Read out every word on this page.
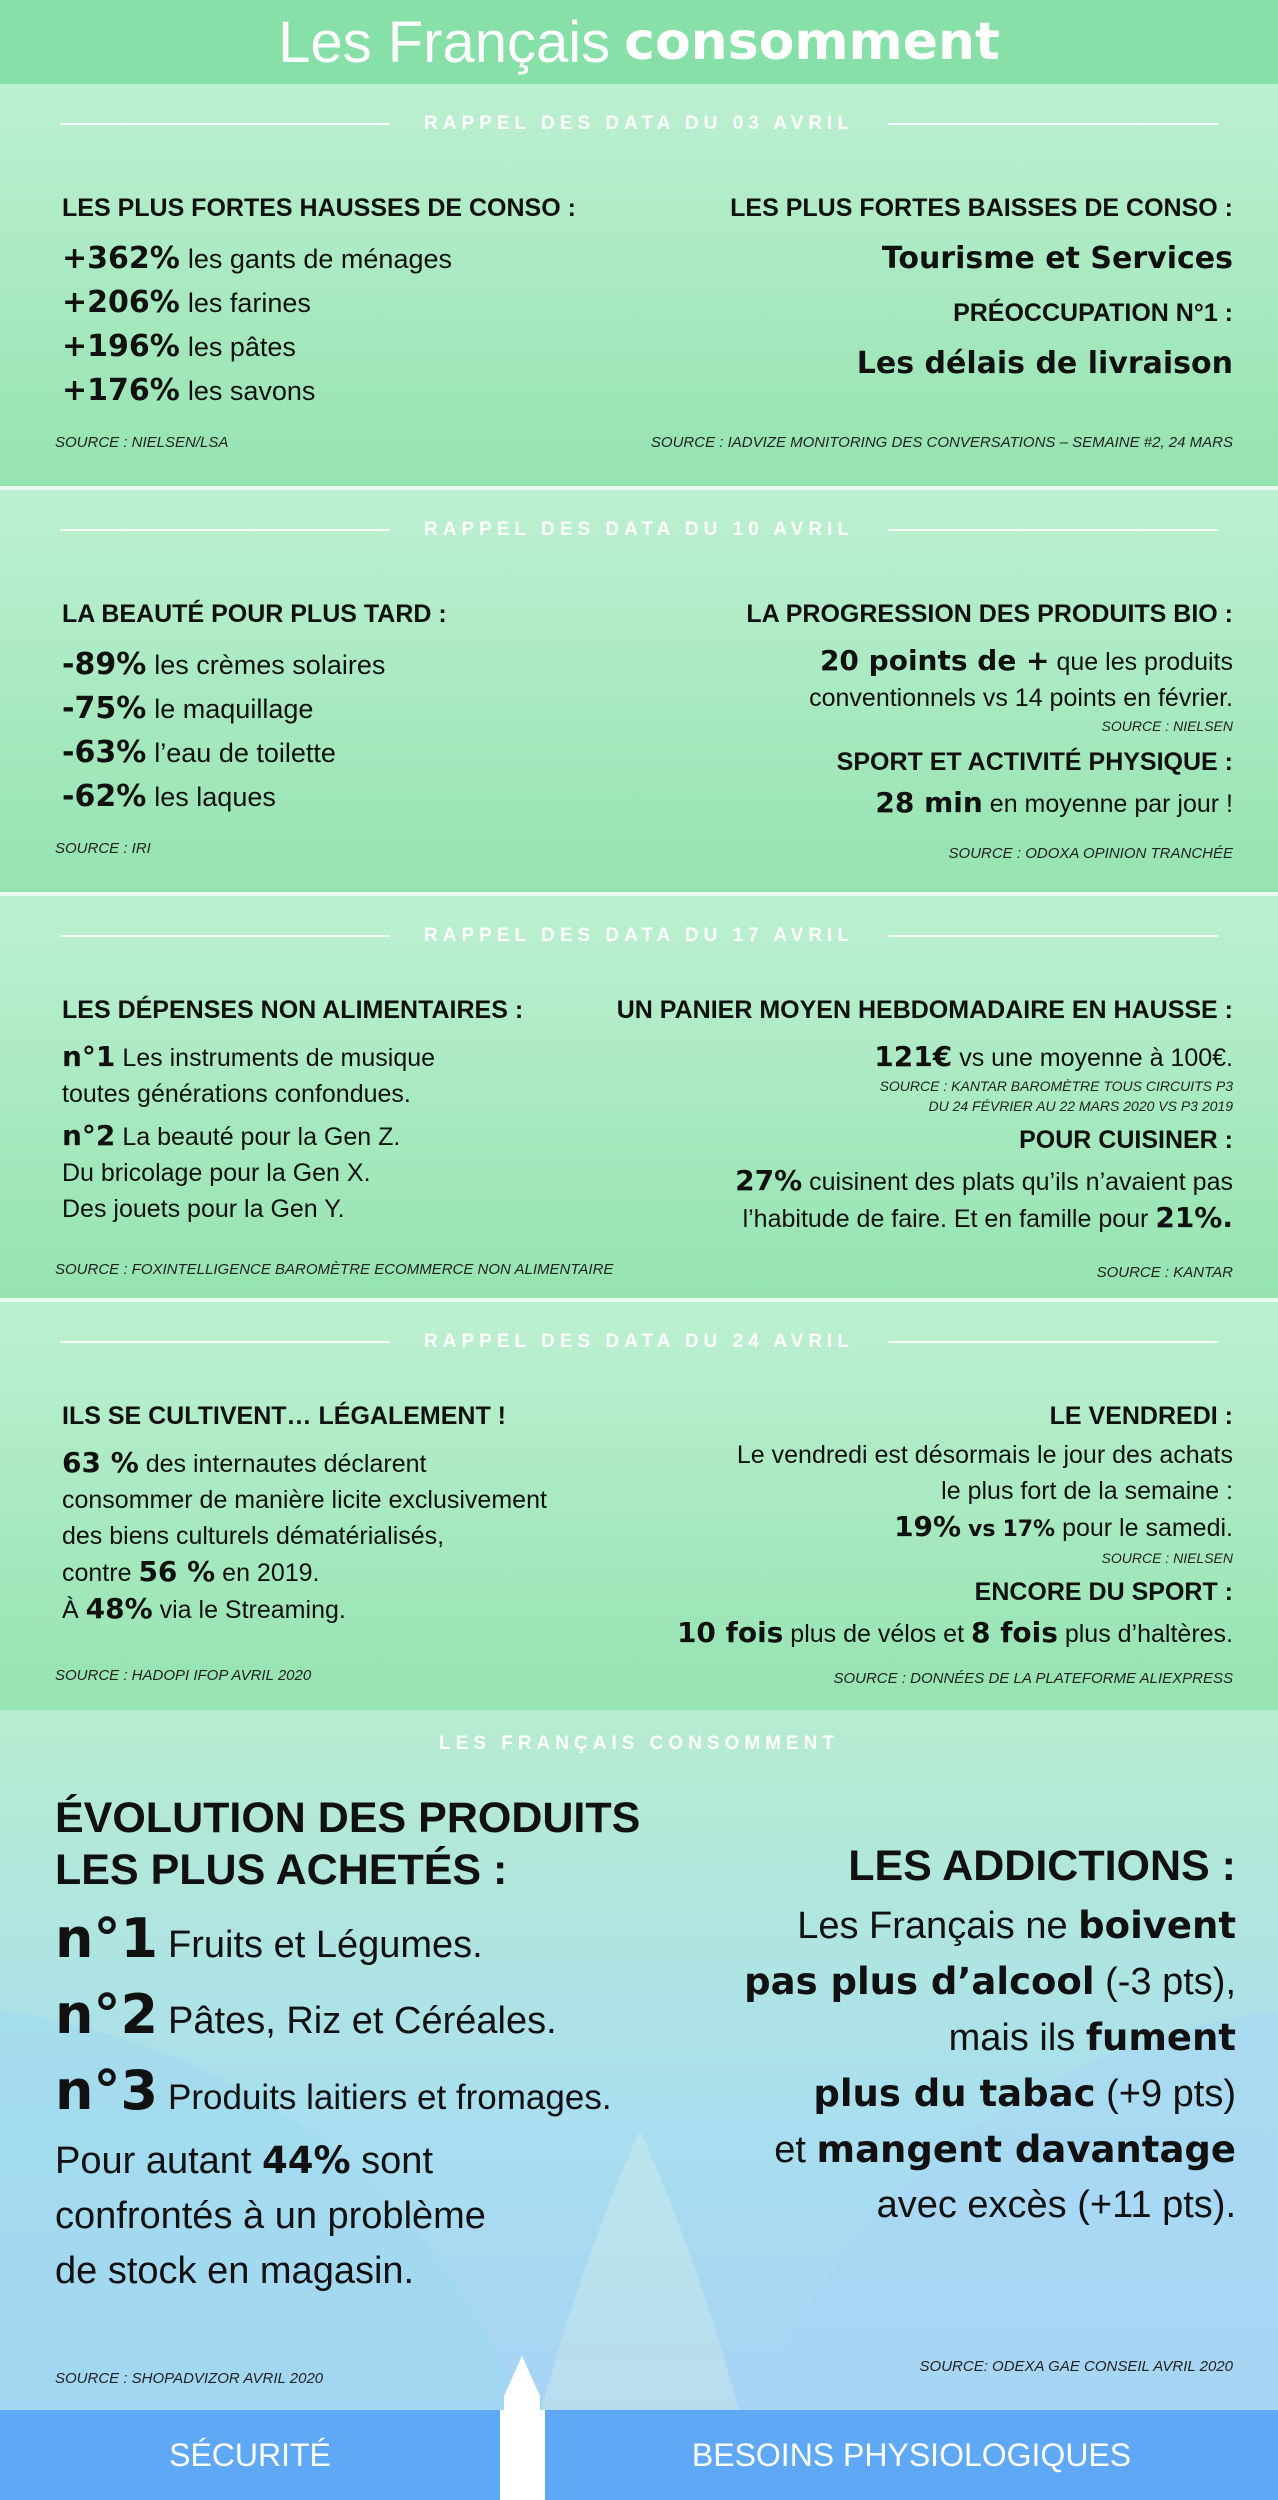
Les Français consomment
RAPPEL DES DATA DU 03 AVRIL
LES PLUS FORTES HAUSSES DE CONSO :
+362% les gants de ménages
+206% les farines
+196% les pâtes
+176% les savons
SOURCE : NIELSEN/LSA
LES PLUS FORTES BAISSES DE CONSO :
Tourisme et Services
PRÉOCCUPATION N°1 :
Les délais de livraison
SOURCE : IADVIZE MONITORING DES CONVERSATIONS – SEMAINE #2, 24 MARS
RAPPEL DES DATA DU 10 AVRIL
LA BEAUTÉ POUR PLUS TARD :
-89% les crèmes solaires
-75% le maquillage
-63% l’eau de toilette
-62% les laques
SOURCE : IRI
LA PROGRESSION DES PRODUITS BIO :
20 points de + que les produits
conventionnels vs 14 points en février.
SOURCE : NIELSEN
SPORT ET ACTIVITÉ PHYSIQUE :
28 min en moyenne par jour !
SOURCE : ODOXA OPINION TRANCHÉE
RAPPEL DES DATA DU 17 AVRIL
LES DÉPENSES NON ALIMENTAIRES :
n°1 Les instruments de musique
toutes générations confondues.
n°2 La beauté pour la Gen Z.
Du bricolage pour la Gen X.
Des jouets pour la Gen Y.
SOURCE : FOXINTELLIGENCE BAROMÈTRE ECOMMERCE NON ALIMENTAIRE
UN PANIER MOYEN HEBDOMADAIRE EN HAUSSE :
121€ vs une moyenne à 100€.
SOURCE : KANTAR BAROMÈTRE TOUS CIRCUITS P3
DU 24 FÉVRIER AU 22 MARS 2020 VS P3 2019
POUR CUISINER :
27% cuisinent des plats qu’ils n’avaient pas
l’habitude de faire. Et en famille pour 21%.
SOURCE : KANTAR
RAPPEL DES DATA DU 24 AVRIL
ILS SE CULTIVENT… LÉGALEMENT !
63 % des internautes déclarent
consommer de manière licite exclusivement
des biens culturels dématérialisés,
contre 56 % en 2019.
À 48% via le Streaming.
SOURCE : HADOPI IFOP AVRIL 2020
LE VENDREDI :
Le vendredi est désormais le jour des achats
le plus fort de la semaine :
19% vs 17% pour le samedi.
SOURCE : NIELSEN
ENCORE DU SPORT :
10 fois plus de vélos et 8 fois plus d’haltères.
SOURCE : DONNÉES DE LA PLATEFORME ALIEXPRESS
LES FRANÇAIS CONSOMMENT
ÉVOLUTION DES PRODUITS
LES PLUS ACHETÉS :
n°1 Fruits et Légumes.
n°2 Pâtes, Riz et Céréales.
n°3 Produits laitiers et fromages.
Pour autant 44% sont
confrontés à un problème
de stock en magasin.
SOURCE : SHOPADVIZOR AVRIL 2020
LES ADDICTIONS :
Les Français ne boivent
pas plus d’alcool (-3 pts),
mais ils fument
plus du tabac (+9 pts)
et mangent davantage
avec excès (+11 pts).
SOURCE: ODEXA GAE CONSEIL AVRIL 2020
SÉCURITÉ	BESOINS PHYSIOLOGIQUES
